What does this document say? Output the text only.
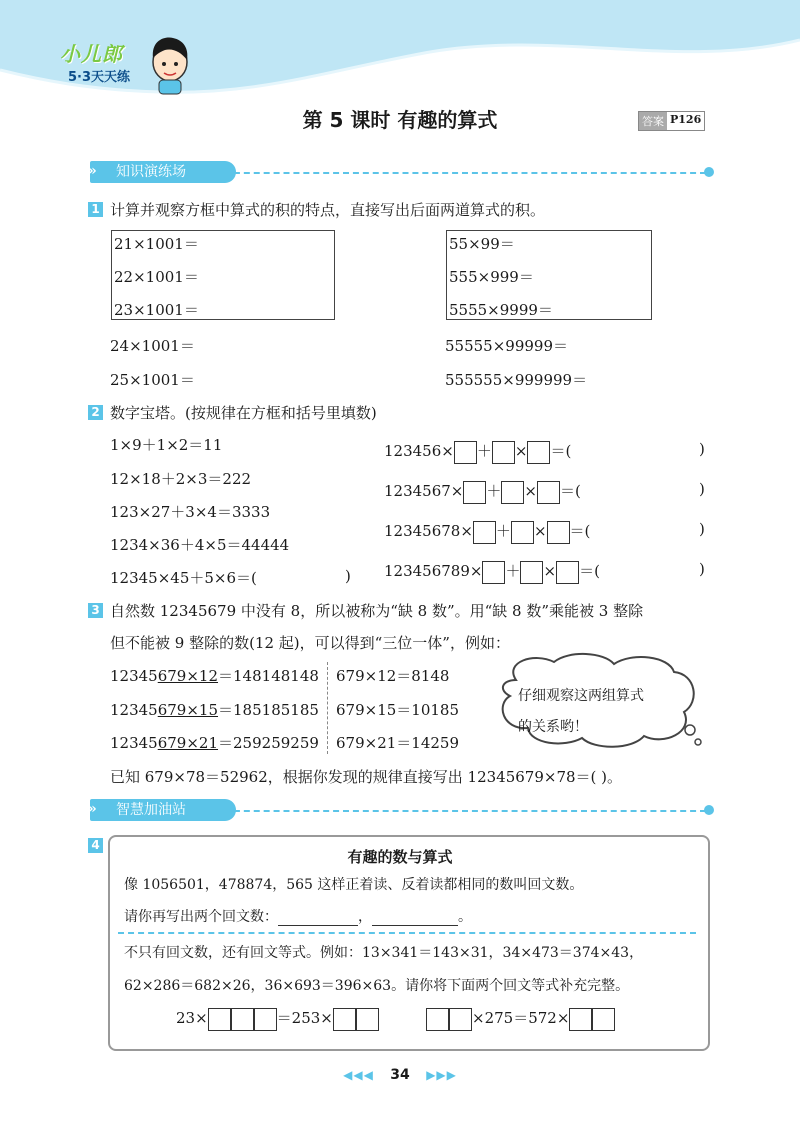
小儿郎
5·3天天练
第 5 课时 有趣的算式	答案 P126
知识演练场
»
1 计算并观察方框中算式的积的特点，直接写出后面两道算式的积。
21×1001＝
22×1001＝
23×1001＝
24×1001＝
25×1001＝
55×99＝
555×999＝
5555×9999＝
55555×99999＝
555555×999999＝
2 数字宝塔。(按规律在方框和括号里填数)
1×9＋1×2＝11
12×18＋2×3＝222
123×27＋3×4＝3333
1234×36＋4×5＝44444
12345×45＋5×6＝(	)
123456× ＋ × ＝(	)
1234567× ＋ × ＝(	)
12345678× ＋ × ＝(	)
123456789× ＋ × ＝(	)
3 自然数 12345679 中没有 8，所以被称为“缺 8 数”。用“缺 8 数”乘能被 3 整除
但不能被 9 整除的数(12 起)，可以得到“三位一体”，例如：
12345679×12＝148148148
12345679×15＝185185185
12345679×21＝259259259
679×12＝8148
679×15＝10185
679×21＝14259
仔细观察这两组算式
的关系哟！
已知 679×78＝52962，根据你发现的规律直接写出 12345679×78＝( )。
智慧加油站
»
4
有趣的数与算式
像 1056501，478874，565 这样正着读、反着读都相同的数叫回文数。
请你再写出两个回文数：	，	。
不只有回文数，还有回文等式。例如：13×341＝143×31，34×473＝374×43，
62×286＝682×26，36×693＝396×63。请你将下面两个回文等式补充完整。
23×	＝253×	×275＝572×
◀◀◀ 34 ▶▶▶
